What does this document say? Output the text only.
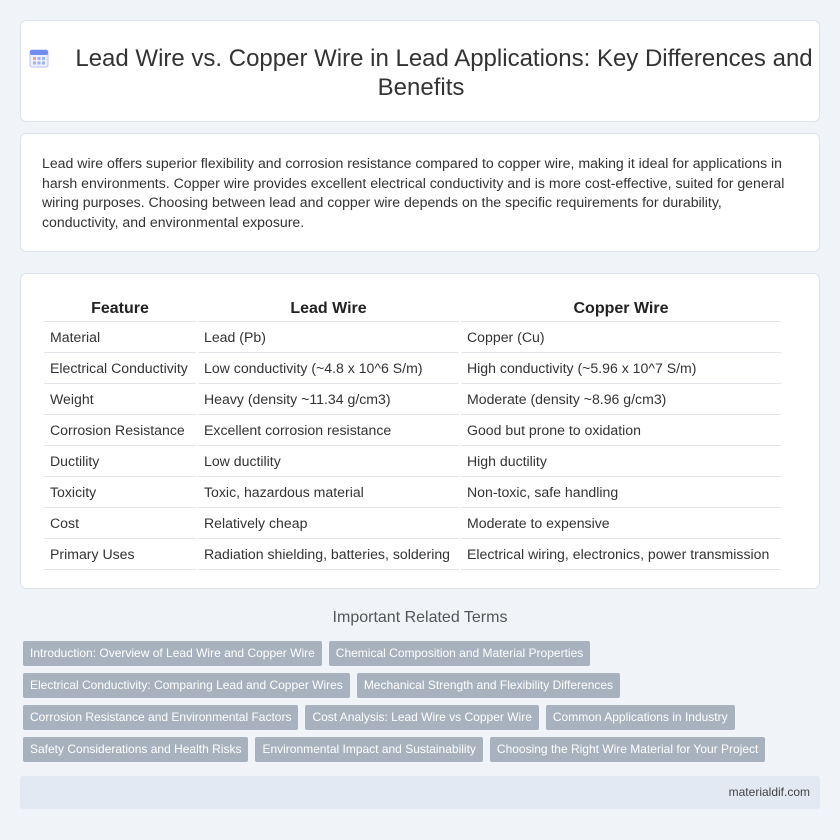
Lead Wire vs. Copper Wire in Lead Applications: Key Differences and Benefits

Lead wire offers superior flexibility and corrosion resistance compared to copper wire, making it ideal for applications in harsh environments. Copper wire provides excellent electrical conductivity and is more cost-effective, suited for general wiring purposes. Choosing between lead and copper wire depends on the specific requirements for durability, conductivity, and environmental exposure.

Feature	Lead Wire	Copper Wire
Material	Lead (Pb)	Copper (Cu)
Electrical Conductivity	Low conductivity (~4.8 x 10^6 S/m)	High conductivity (~5.96 x 10^7 S/m)
Weight	Heavy (density ~11.34 g/cm3)	Moderate (density ~8.96 g/cm3)
Corrosion Resistance	Excellent corrosion resistance	Good but prone to oxidation
Ductility	Low ductility	High ductility
Toxicity	Toxic, hazardous material	Non-toxic, safe handling
Cost	Relatively cheap	Moderate to expensive
Primary Uses	Radiation shielding, batteries, soldering	Electrical wiring, electronics, power transmission
Important Related Terms
Introduction: Overview of Lead Wire and Copper Wire	Chemical Composition and Material Properties
Electrical Conductivity: Comparing Lead and Copper Wires	Mechanical Strength and Flexibility Differences
Corrosion Resistance and Environmental Factors	Cost Analysis: Lead Wire vs Copper Wire	Common Applications in Industry
Safety Considerations and Health Risks	Environmental Impact and Sustainability	Choosing the Right Wire Material for Your Project
materialdif.com
